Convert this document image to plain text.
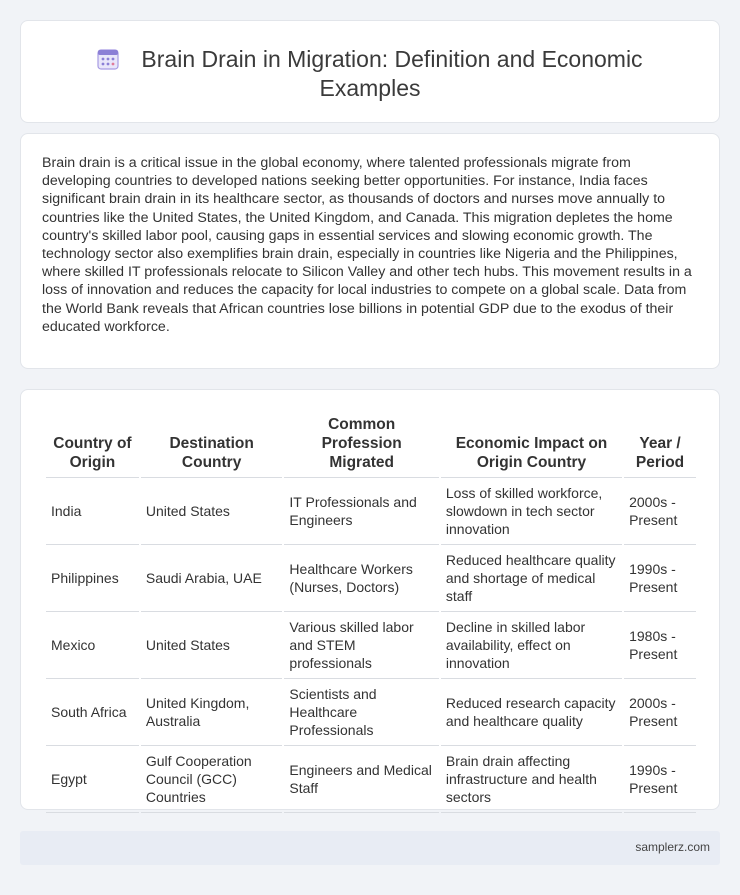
Brain Drain in Migration: Definition and Economic Examples

Brain drain is a critical issue in the global economy, where talented professionals migrate from developing countries to developed nations seeking better opportunities. For instance, India faces significant brain drain in its healthcare sector, as thousands of doctors and nurses move annually to countries like the United States, the United Kingdom, and Canada. This migration depletes the home country's skilled labor pool, causing gaps in essential services and slowing economic growth. The technology sector also exemplifies brain drain, especially in countries like Nigeria and the Philippines, where skilled IT professionals relocate to Silicon Valley and other tech hubs. This movement results in a loss of innovation and reduces the capacity for local industries to compete on a global scale. Data from the World Bank reveals that African countries lose billions in potential GDP due to the exodus of their educated workforce.

Country of Origin	Destination Country	Common Profession Migrated	Economic Impact on Origin Country	Year / Period
India	United States	IT Professionals and Engineers	Loss of skilled workforce, slowdown in tech sector innovation	2000s - Present
Philippines	Saudi Arabia, UAE	Healthcare Workers (Nurses, Doctors)	Reduced healthcare quality and shortage of medical staff	1990s - Present
Mexico	United States	Various skilled labor and STEM professionals	Decline in skilled labor availability, effect on innovation	1980s - Present
South Africa	United Kingdom, Australia	Scientists and Healthcare Professionals	Reduced research capacity and healthcare quality	2000s - Present
Egypt	Gulf Cooperation Council (GCC) Countries	Engineers and Medical Staff	Brain drain affecting infrastructure and health sectors	1990s - Present
samplerz.com
